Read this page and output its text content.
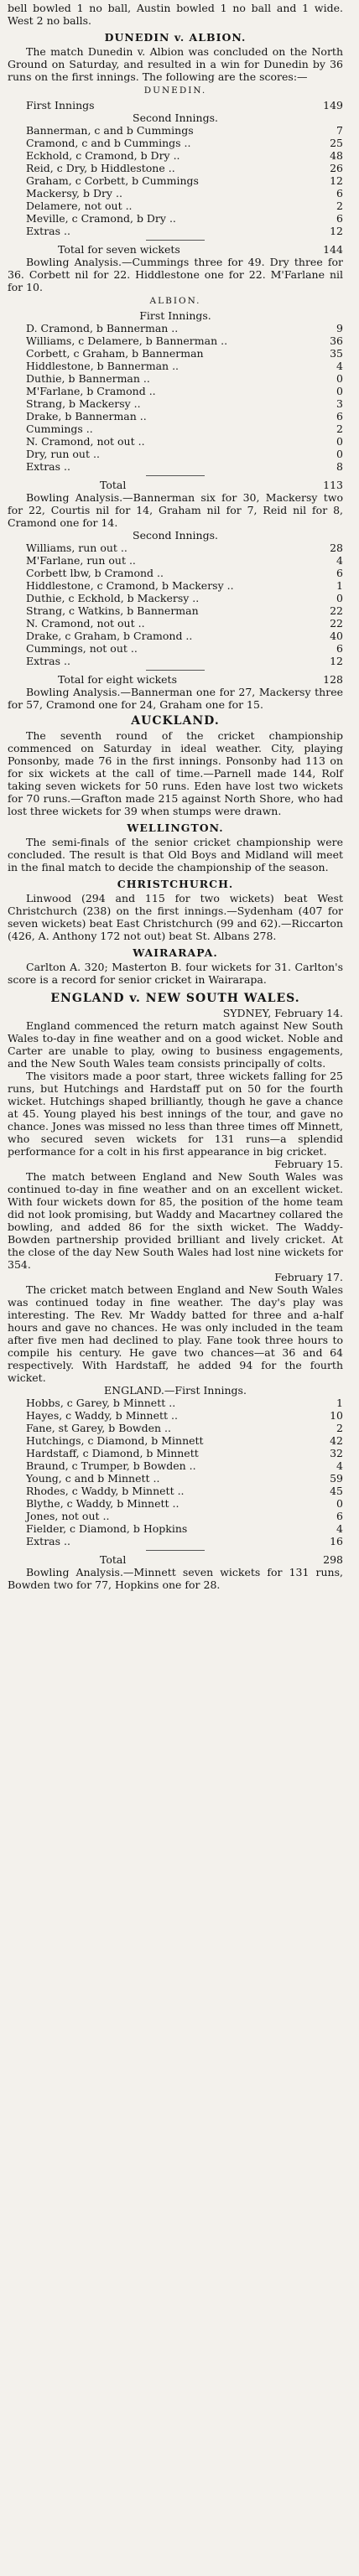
bell bowled 1 no ball, Austin bowled 1 no ball and 1 wide. West 2 no balls.

DUNEDIN v. ALBION.

The match Dunedin v. Albion was concluded on the North Ground on Saturday, and resulted in a win for Dunedin by 36 runs on the first innings. The following are the scores:—

DUNEDIN.
First Innings	149
Second Innings.
Bannerman, c and b Cummings	7
Cramond, c and b Cummings ..	25
Eckhold, c Cramond, b Dry ..	48
Reid, c Dry, b Hiddlestone ..	26
Graham, c Corbett, b Cummings	12
Mackersy, b Dry ..	6
Delamere, not out ..	2
Meville, c Cramond, b Dry ..	6
Extras ..	12
Total for seven wickets	144

Bowling Analysis.—Cummings three for 49. Dry three for 36. Corbett nil for 22. Hiddlestone one for 22. M'Farlane nil for 10.

ALBION.
First Innings.
D. Cramond, b Bannerman ..	9
Williams, c Delamere, b Bannerman ..	36
Corbett, c Graham, b Bannerman	35
Hiddlestone, b Bannerman ..	4
Duthie, b Bannerman ..	0
M'Farlane, b Cramond ..	0
Strang, b Mackersy ..	3
Drake, b Bannerman ..	6
Cummings ..	2
N. Cramond, not out ..	0
Dry, run out ..	0
Extras ..	8
Total	113

Bowling Analysis.—Bannerman six for 30, Mackersy two for 22, Courtis nil for 14, Graham nil for 7, Reid nil for 8, Cramond one for 14.

Second Innings.
Williams, run out ..	28
M'Farlane, run out ..	4
Corbett lbw, b Cramond ..	6
Hiddlestone, c Cramond, b Mackersy ..	1
Duthie, c Eckhold, b Mackersy ..	0
Strang, c Watkins, b Bannerman	22
N. Cramond, not out ..	22
Drake, c Graham, b Cramond ..	40
Cummings, not out ..	6
Extras ..	12
Total for eight wickets	128

Bowling Analysis.—Bannerman one for 27, Mackersy three for 57, Cramond one for 24, Graham one for 15.

AUCKLAND.

The seventh round of the cricket championship commenced on Saturday in ideal weather. City, playing Ponsonby, made 76 in the first innings. Ponsonby had 113 on for six wickets at the call of time.—Parnell made 144, Rolf taking seven wickets for 50 runs. Eden have lost two wickets for 70 runs.—Grafton made 215 against North Shore, who had lost three wickets for 39 when stumps were drawn.

WELLINGTON.

The semi-finals of the senior cricket championship were concluded. The result is that Old Boys and Midland will meet in the final match to decide the championship of the season.

CHRISTCHURCH.

Linwood (294 and 115 for two wickets) beat West Christchurch (238) on the first innings.—Sydenham (407 for seven wickets) beat East Christchurch (99 and 62).—Riccarton (426, A. Anthony 172 not out) beat St. Albans 278.

WAIRARAPA.

Carlton A. 320; Masterton B. four wickets for 31. Carlton's score is a record for senior cricket in Wairarapa.

ENGLAND v. NEW SOUTH WALES.
SYDNEY, February 14.

England commenced the return match against New South Wales to-day in fine weather and on a good wicket. Noble and Carter are unable to play, owing to business engagements, and the New South Wales team consists principally of colts.

The visitors made a poor start, three wickets falling for 25 runs, but Hutchings and Hardstaff put on 50 for the fourth wicket. Hutchings shaped brilliantly, though he gave a chance at 45. Young played his best innings of the tour, and gave no chance. Jones was missed no less than three times off Minnett, who secured seven wickets for 131 runs—a splendid performance for a colt in his first appearance in big cricket.

February 15.

The match between England and New South Wales was continued to-day in fine weather and on an excellent wicket. With four wickets down for 85, the position of the home team did not look promising, but Waddy and Macartney collared the bowling, and added 86 for the sixth wicket. The Waddy-Bowden partnership provided brilliant and lively cricket. At the close of the day New South Wales had lost nine wickets for 354.

February 17.

The cricket match between England and New South Wales was continued today in fine weather. The day's play was interesting. The Rev. Mr Waddy batted for three and a-half hours and gave no chances. He was only included in the team after five men had declined to play. Fane took three hours to compile his century. He gave two chances—at 36 and 64 respectively. With Hardstaff, he added 94 for the fourth wicket.

ENGLAND.—First Innings.
Hobbs, c Garey, b Minnett ..	1
Hayes, c Waddy, b Minnett ..	10
Fane, st Garey, b Bowden ..	2
Hutchings, c Diamond, b Minnett	42
Hardstaff, c Diamond, b Minnett	32
Braund, c Trumper, b Bowden ..	4
Young, c and b Minnett ..	59
Rhodes, c Waddy, b Minnett ..	45
Blythe, c Waddy, b Minnett ..	0
Jones, not out ..	6
Fielder, c Diamond, b Hopkins	4
Extras ..	16
Total	298

Bowling Analysis.—Minnett seven wickets for 131 runs, Bowden two for 77, Hopkins one for 28.
